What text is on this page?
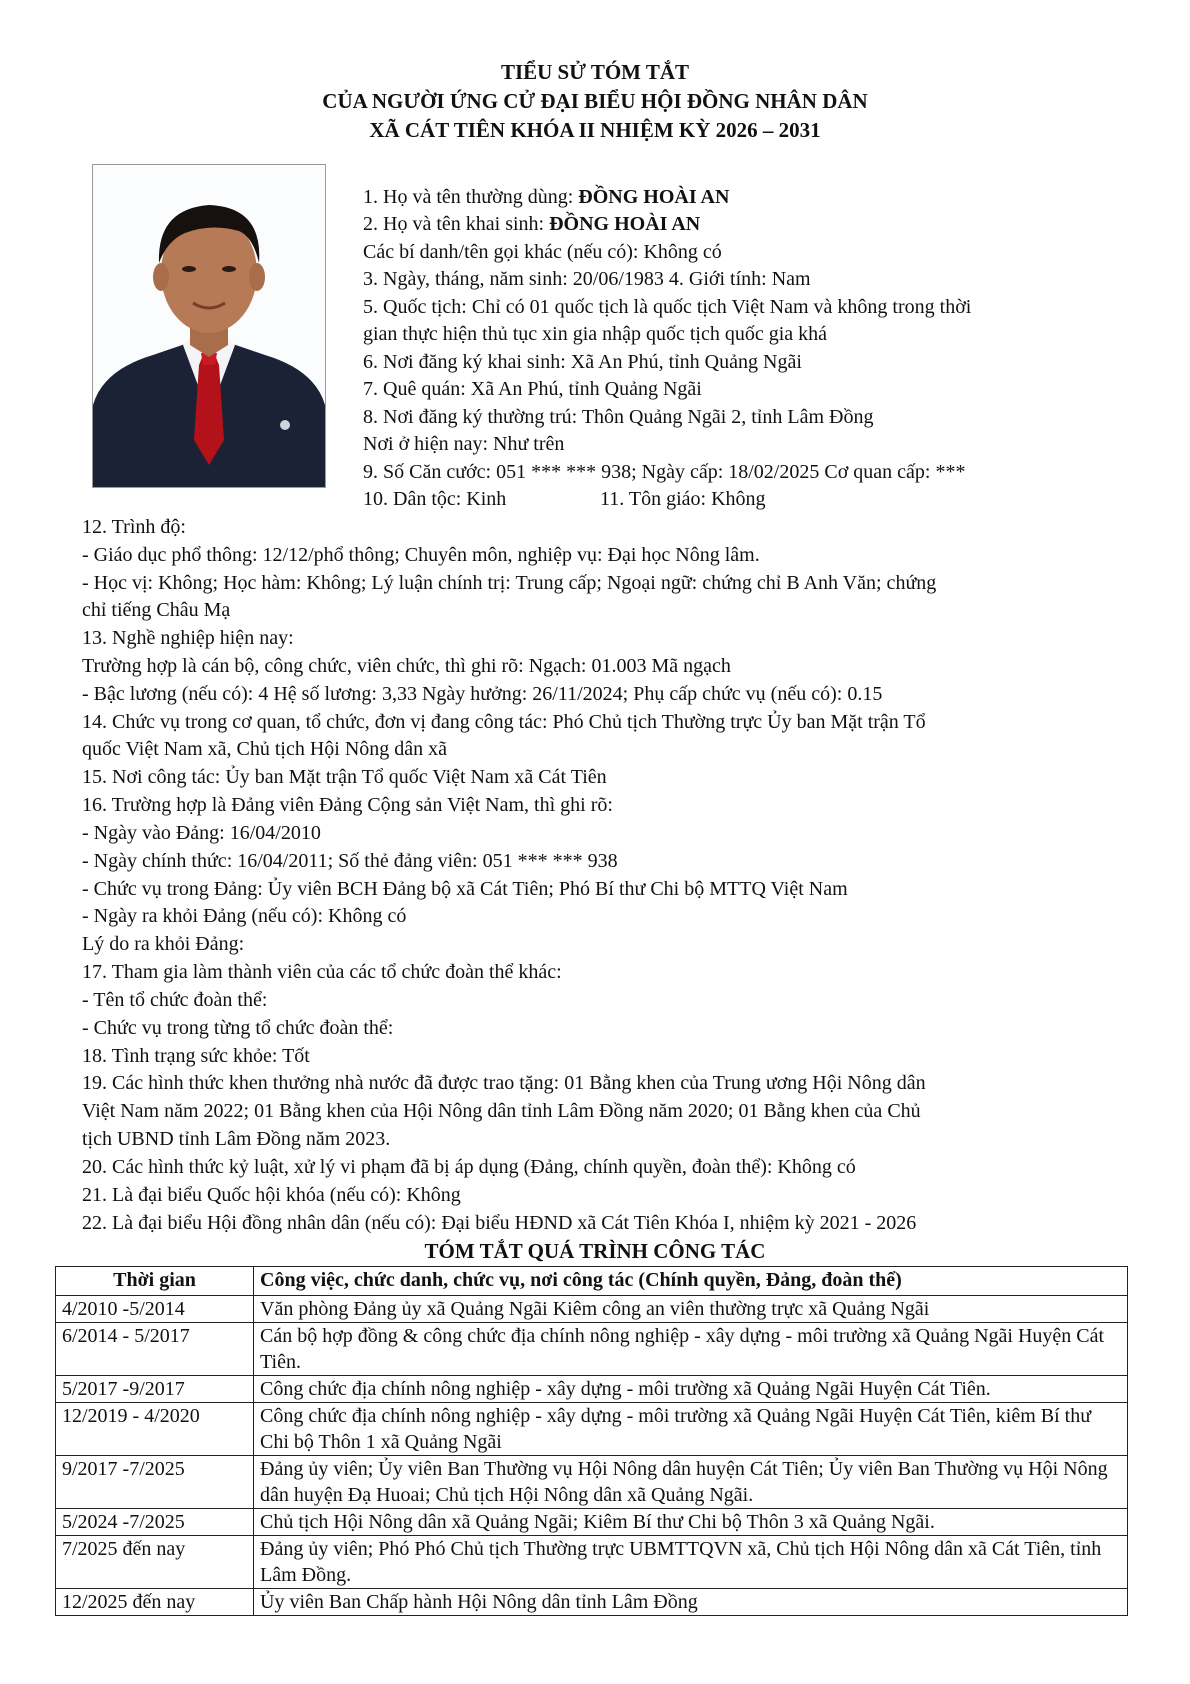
TIỂU SỬ TÓM TẮT
CỦA NGƯỜI ỨNG CỬ ĐẠI BIỂU HỘI ĐỒNG NHÂN DÂN
XÃ CÁT TIÊN KHÓA II NHIỆM KỲ 2026 – 2031
1. Họ và tên thường dùng: ĐỒNG HOÀI AN
2. Họ và tên khai sinh: ĐỒNG HOÀI AN
Các bí danh/tên gọi khác (nếu có): Không có
3. Ngày, tháng, năm sinh: 20/06/1983 4. Giới tính: Nam
5. Quốc tịch: Chỉ có 01 quốc tịch là quốc tịch Việt Nam và không trong thời
gian thực hiện thủ tục xin gia nhập quốc tịch quốc gia khá
6. Nơi đăng ký khai sinh: Xã An Phú, tỉnh Quảng Ngãi
7. Quê quán: Xã An Phú, tỉnh Quảng Ngãi
8. Nơi đăng ký thường trú: Thôn Quảng Ngãi 2, tỉnh Lâm Đồng
Nơi ở hiện nay: Như trên
9. Số Căn cước: 051 *** *** 938; Ngày cấp: 18/02/2025 Cơ quan cấp: ***
10. Dân tộc: Kinh	11. Tôn giáo: Không
12. Trình độ:
- Giáo dục phổ thông: 12/12/phổ thông; Chuyên môn, nghiệp vụ: Đại học Nông lâm.
- Học vị: Không; Học hàm: Không; Lý luận chính trị: Trung cấp; Ngoại ngữ: chứng chỉ B Anh Văn; chứng
chỉ tiếng Châu Mạ
13. Nghề nghiệp hiện nay:
Trường hợp là cán bộ, công chức, viên chức, thì ghi rõ: Ngạch: 01.003 Mã ngạch
- Bậc lương (nếu có): 4 Hệ số lương: 3,33 Ngày hưởng: 26/11/2024; Phụ cấp chức vụ (nếu có): 0.15
14. Chức vụ trong cơ quan, tổ chức, đơn vị đang công tác: Phó Chủ tịch Thường trực Ủy ban Mặt trận Tổ
quốc Việt Nam xã, Chủ tịch Hội Nông dân xã
15. Nơi công tác: Ủy ban Mặt trận Tổ quốc Việt Nam xã Cát Tiên
16. Trường hợp là Đảng viên Đảng Cộng sản Việt Nam, thì ghi rõ:
- Ngày vào Đảng: 16/04/2010
- Ngày chính thức: 16/04/2011; Số thẻ đảng viên: 051 *** *** 938
- Chức vụ trong Đảng: Ủy viên BCH Đảng bộ xã Cát Tiên; Phó Bí thư Chi bộ MTTQ Việt Nam
- Ngày ra khỏi Đảng (nếu có): Không có
Lý do ra khỏi Đảng:
17. Tham gia làm thành viên của các tổ chức đoàn thể khác:
- Tên tổ chức đoàn thể:
- Chức vụ trong từng tổ chức đoàn thể:
18. Tình trạng sức khỏe: Tốt
19. Các hình thức khen thưởng nhà nước đã được trao tặng: 01 Bằng khen của Trung ương Hội Nông dân
Việt Nam năm 2022; 01 Bằng khen của Hội Nông dân tỉnh Lâm Đồng năm 2020; 01 Bằng khen của Chủ
tịch UBND tỉnh Lâm Đồng năm 2023.
20. Các hình thức kỷ luật, xử lý vi phạm đã bị áp dụng (Đảng, chính quyền, đoàn thể): Không có
21. Là đại biểu Quốc hội khóa (nếu có): Không
22. Là đại biểu Hội đồng nhân dân (nếu có): Đại biểu HĐND xã Cát Tiên Khóa I, nhiệm kỳ 2021 - 2026
TÓM TẮT QUÁ TRÌNH CÔNG TÁC
Thời gian	Công việc, chức danh, chức vụ, nơi công tác (Chính quyền, Đảng, đoàn thể)
4/2010 -5/2014	Văn phòng Đảng ủy xã Quảng Ngãi Kiêm công an viên thường trực xã Quảng Ngãi
6/2014 - 5/2017	Cán bộ hợp đồng & công chức địa chính nông nghiệp - xây dựng - môi trường xã Quảng Ngãi Huyện Cát Tiên.
5/2017 -9/2017	Công chức địa chính nông nghiệp - xây dựng - môi trường xã Quảng Ngãi Huyện Cát Tiên.
12/2019 - 4/2020	Công chức địa chính nông nghiệp - xây dựng - môi trường xã Quảng Ngãi Huyện Cát Tiên, kiêm Bí thư Chi bộ Thôn 1 xã Quảng Ngãi
9/2017 -7/2025	Đảng ủy viên; Ủy viên Ban Thường vụ Hội Nông dân huyện Cát Tiên; Ủy viên Ban Thường vụ Hội Nông dân huyện Đạ Huoai; Chủ tịch Hội Nông dân xã Quảng Ngãi.
5/2024 -7/2025	Chủ tịch Hội Nông dân xã Quảng Ngãi; Kiêm Bí thư Chi bộ Thôn 3 xã Quảng Ngãi.
7/2025 đến nay	Đảng ủy viên; Phó Phó Chủ tịch Thường trực UBMTTQVN xã, Chủ tịch Hội Nông dân xã Cát Tiên, tỉnh Lâm Đồng.
12/2025 đến nay	Ủy viên Ban Chấp hành Hội Nông dân tỉnh Lâm Đồng
